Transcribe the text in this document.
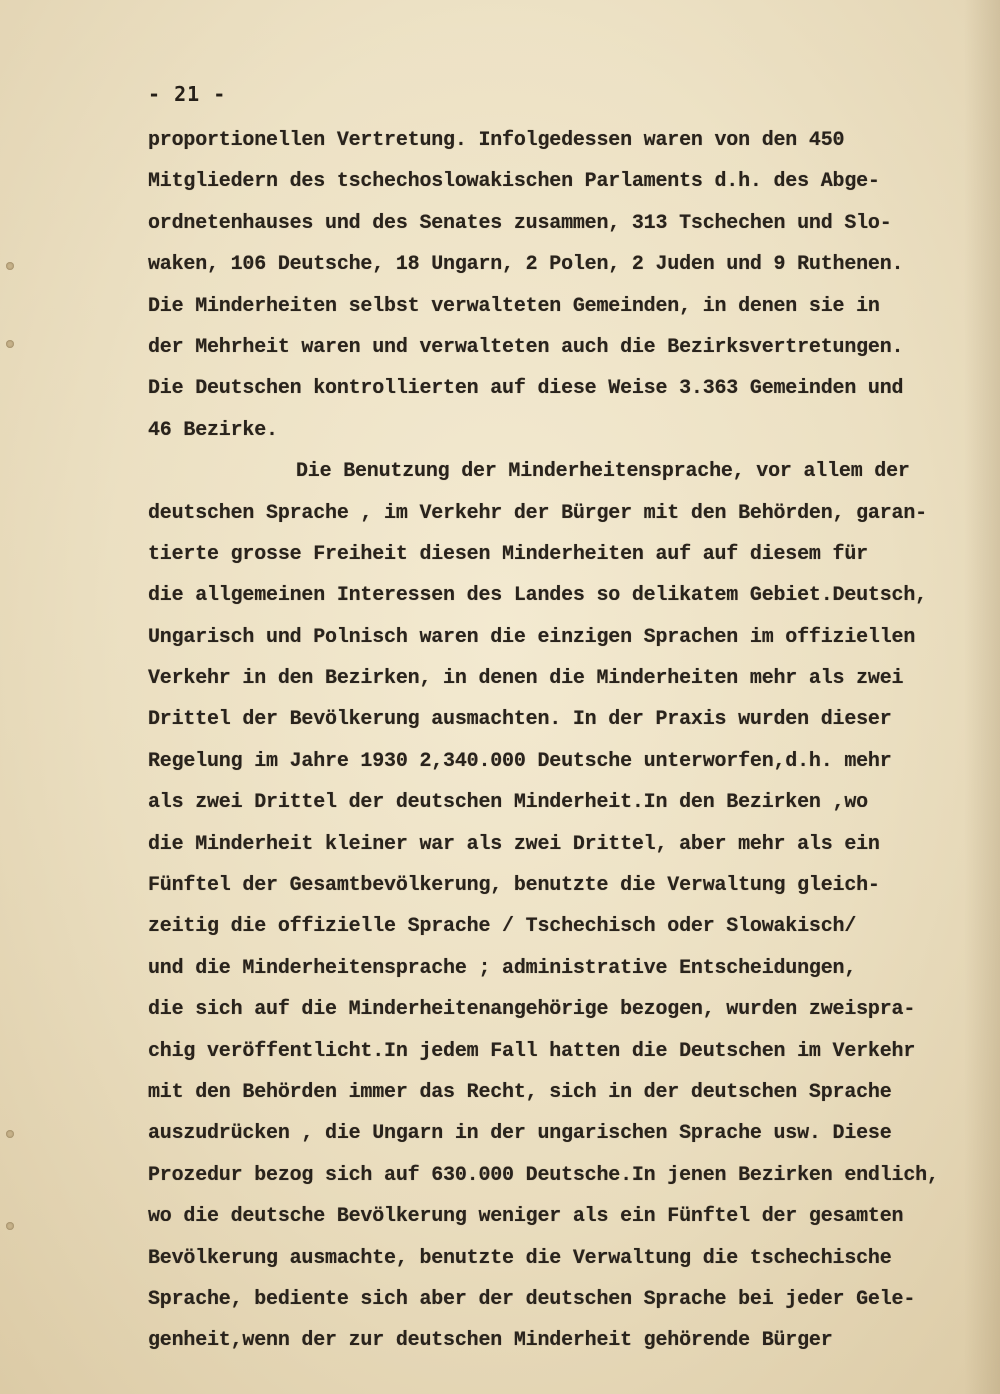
- 21 -
proportionellen Vertretung. Infolgedessen waren von den 450
Mitgliedern des tschechoslowakischen Parlaments d.h. des Abge-
ordnetenhauses und des Senates zusammen, 313 Tschechen und Slo-
waken, 106 Deutsche, 18 Ungarn, 2 Polen, 2 Juden und 9 Ruthenen.
Die Minderheiten selbst verwalteten Gemeinden, in denen sie in
der Mehrheit waren und verwalteten auch die Bezirksvertretungen.
Die Deutschen kontrollierten auf diese Weise 3.363 Gemeinden und
46 Bezirke.
Die Benutzung der Minderheitensprache, vor allem der
deutschen Sprache , im Verkehr der Bürger mit den Behörden, garan-
tierte grosse Freiheit diesen Minderheiten auf auf diesem für
die allgemeinen Interessen des Landes so delikatem Gebiet.Deutsch,
Ungarisch und Polnisch waren die einzigen Sprachen im offiziellen
Verkehr in den Bezirken, in denen die Minderheiten mehr als zwei
Drittel der Bevölkerung ausmachten. In der Praxis wurden dieser
Regelung im Jahre 1930 2,340.000 Deutsche unterworfen,d.h. mehr
als zwei Drittel der deutschen Minderheit.In den Bezirken ,wo
die Minderheit kleiner war als zwei Drittel, aber mehr als ein
Fünftel der Gesamtbevölkerung, benutzte die Verwaltung gleich-
zeitig die offizielle Sprache / Tschechisch oder Slowakisch/
und die Minderheitensprache ; administrative Entscheidungen,
die sich auf die Minderheitenangehörige bezogen, wurden zweispra-
chig veröffentlicht.In jedem Fall hatten die Deutschen im Verkehr
mit den Behörden immer das Recht, sich in der deutschen Sprache
auszudrücken , die Ungarn in der ungarischen Sprache usw. Diese
Prozedur bezog sich auf 630.000 Deutsche.In jenen Bezirken endlich,
wo die deutsche Bevölkerung weniger als ein Fünftel der gesamten
Bevölkerung ausmachte, benutzte die Verwaltung die tschechische
Sprache, bediente sich aber der deutschen Sprache bei jeder Gele-
genheit,wenn der zur deutschen Minderheit gehörende Bürger
